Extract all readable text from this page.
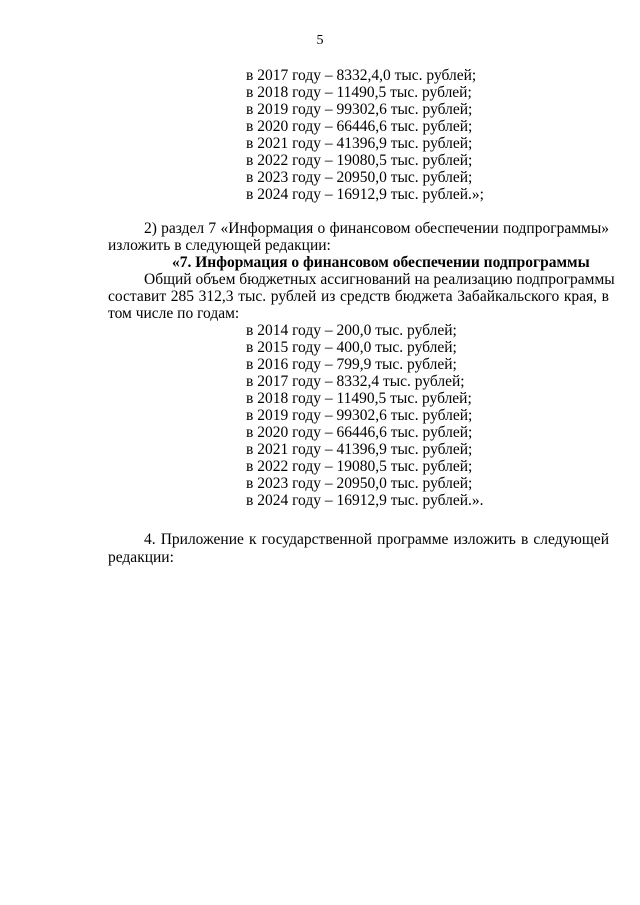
5
в 2017 году – 8332,4,0 тыс. рублей;
в 2018 году – 11490,5 тыс. рублей;
в 2019 году – 99302,6 тыс. рублей;
в 2020 году – 66446,6 тыс. рублей;
в 2021 году – 41396,9 тыс. рублей;
в 2022 году – 19080,5 тыс. рублей;
в 2023 году – 20950,0 тыс. рублей;
в 2024 году – 16912,9 тыс. рублей.»;
2) раздел 7 «Информация о финансовом обеспечении подпрограммы»
изложить в следующей редакции:
«7. Информация о финансовом обеспечении подпрограммы
Общий объем бюджетных ассигнований на реализацию подпрограммы
составит 285 312,3 тыс. рублей из средств бюджета Забайкальского края, в
том числе по годам:
в 2014 году – 200,0 тыс. рублей;
в 2015 году – 400,0 тыс. рублей;
в 2016 году – 799,9 тыс. рублей;
в 2017 году – 8332,4 тыс. рублей;
в 2018 году – 11490,5 тыс. рублей;
в 2019 году – 99302,6 тыс. рублей;
в 2020 году – 66446,6 тыс. рублей;
в 2021 году – 41396,9 тыс. рублей;
в 2022 году – 19080,5 тыс. рублей;
в 2023 году – 20950,0 тыс. рублей;
в 2024 году – 16912,9 тыс. рублей.».
4. Приложение к государственной программе изложить в следующей
редакции:
